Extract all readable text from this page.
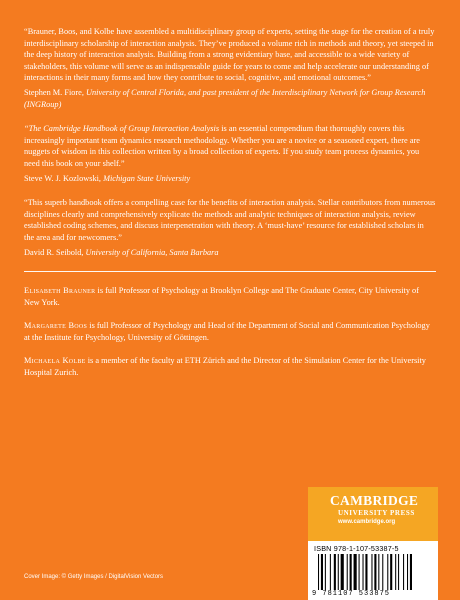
“Brauner, Boos, and Kolbe have assembled a multidisciplinary group of experts, setting the stage for the creation of a truly interdisciplinary scholarship of interaction analysis. They’ve produced a volume rich in methods and theory, yet steeped in the deep history of interaction analysis. Building from a strong evidentiary base, and accessible to a wide variety of stakeholders, this volume will serve as an indispensable guide for years to come and help accelerate our understanding of interactions in their many forms and how they contribute to social, cognitive, and emotional outcomes.”

Stephen M. Fiore, University of Central Florida, and past president of the Interdisciplinary Network for Group Research (INGRoup)

“The Cambridge Handbook of Group Interaction Analysis is an essential compendium that thoroughly covers this increasingly important team dynamics research methodology. Whether you are a novice or a seasoned expert, there are nuggets of wisdom in this collection written by a broad collection of experts. If you study team process dynamics, you need this book on your shelf.”

Steve W. J. Kozlowski, Michigan State University

“This superb handbook offers a compelling case for the benefits of interaction analysis. Stellar contributors from numerous disciplines clearly and comprehensively explicate the methods and analytic techniques of interaction analysis, review established coding schemes, and discuss interpenetration with theory. A ‘must-have’ resource for established scholars in the area and for newcomers.”

David R. Seibold, University of California, Santa Barbara

Elisabeth Brauner is full Professor of Psychology at Brooklyn College and The Graduate Center, City University of New York.

Margarete Boos is full Professor of Psychology and Head of the Department of Social and Communication Psychology at the Institute for Psychology, University of Göttingen.

Michaela Kolbe is a member of the faculty at ETH Zürich and the Director of the Simulation Center for the University Hospital Zurich.

CAMBRIDGE
UNIVERSITY PRESS
www.cambridge.org
ISBN 978-1-107-53387-5
9 781107 533875
Cover Image: © Getty Images / DigitalVision Vectors
